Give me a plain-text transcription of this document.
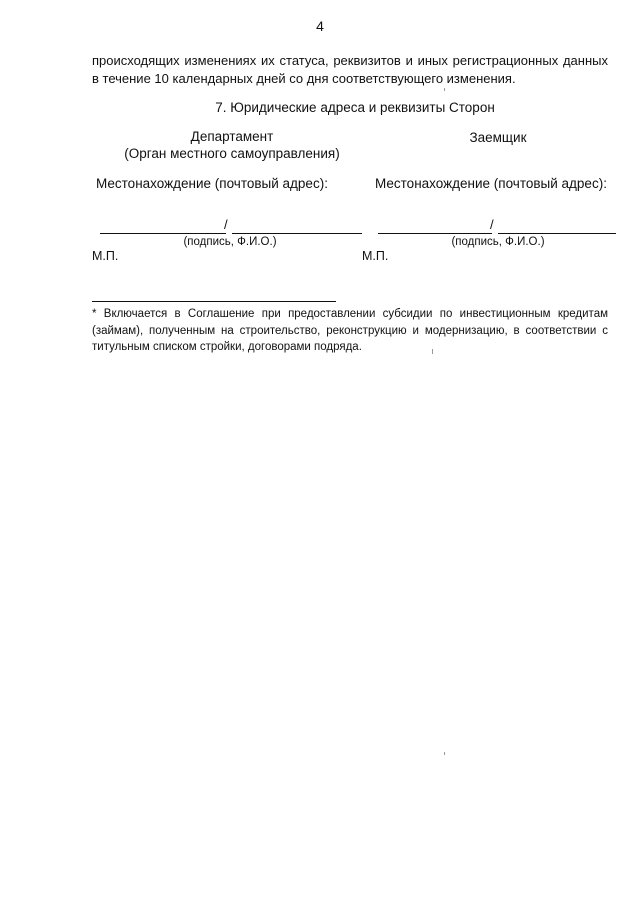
4
происходящих изменениях их статуса, реквизитов и иных регистрационных данных в течение 10 календарных дней со дня соответствующего изменения.
7. Юридические адреса и реквизиты Сторон
Департамент
(Орган местного самоуправления)
Заемщик
Местонахождение (почтовый адрес):	Местонахождение (почтовый адрес):
/
(подпись, Ф.И.О.)
М.П.
/
(подпись, Ф.И.О.)
М.П.
* Включается в Соглашение при предоставлении субсидии по инвестиционным кредитам (займам), полученным на строительство, реконструкцию и модернизацию, в соответствии с титульным списком стройки, договорами подряда.
